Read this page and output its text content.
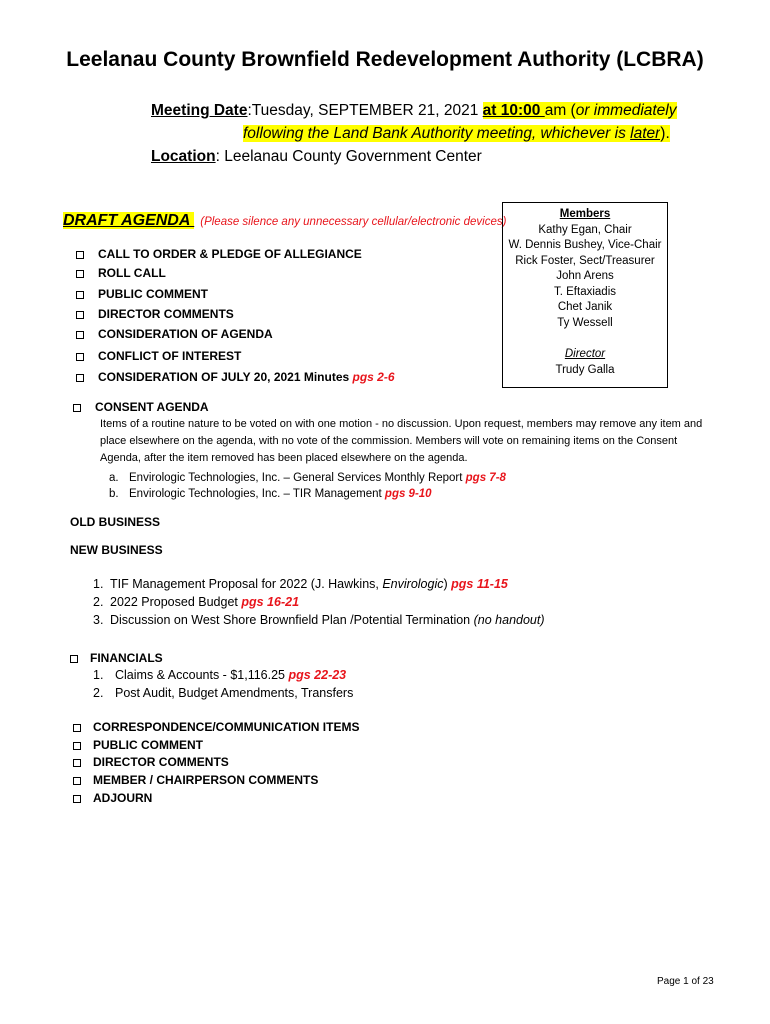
Leelanau County Brownfield Redevelopment Authority (LCBRA)
Meeting Date:Tuesday, SEPTEMBER 21, 2021 at 10:00 am (or immediately
following the Land Bank Authority meeting, whichever is later).
Location: Leelanau County Government Center
DRAFT AGENDA (Please silence any unnecessary cellular/electronic devices)
Members
Kathy Egan, Chair
W. Dennis Bushey, Vice-Chair
Rick Foster, Sect/Treasurer
John Arens
T. Eftaxiadis
Chet Janik
Ty Wessell
Director
Trudy Galla
CALL TO ORDER & PLEDGE OF ALLEGIANCE
ROLL CALL
PUBLIC COMMENT
DIRECTOR COMMENTS
CONSIDERATION OF AGENDA
CONFLICT OF INTEREST
CONSIDERATION OF JULY 20, 2021 Minutes pgs 2-6
CONSENT AGENDA
Items of a routine nature to be voted on with one motion - no discussion. Upon request, members may remove any item and place elsewhere on the agenda, with no vote of the commission. Members will vote on remaining items on the Consent Agenda, after the item removed has been placed elsewhere on the agenda.
a. Envirologic Technologies, Inc. – General Services Monthly Report pgs 7-8
b. Envirologic Technologies, Inc. – TIR Management pgs 9-10
OLD BUSINESS
NEW BUSINESS
1. TIF Management Proposal for 2022 (J. Hawkins, Envirologic) pgs 11-15
2. 2022 Proposed Budget pgs 16-21
3. Discussion on West Shore Brownfield Plan /Potential Termination (no handout)
FINANCIALS
1. Claims & Accounts - $1,116.25 pgs 22-23
2. Post Audit, Budget Amendments, Transfers
CORRESPONDENCE/COMMUNICATION ITEMS
PUBLIC COMMENT
DIRECTOR COMMENTS
MEMBER / CHAIRPERSON COMMENTS
ADJOURN
Page 1 of 23
